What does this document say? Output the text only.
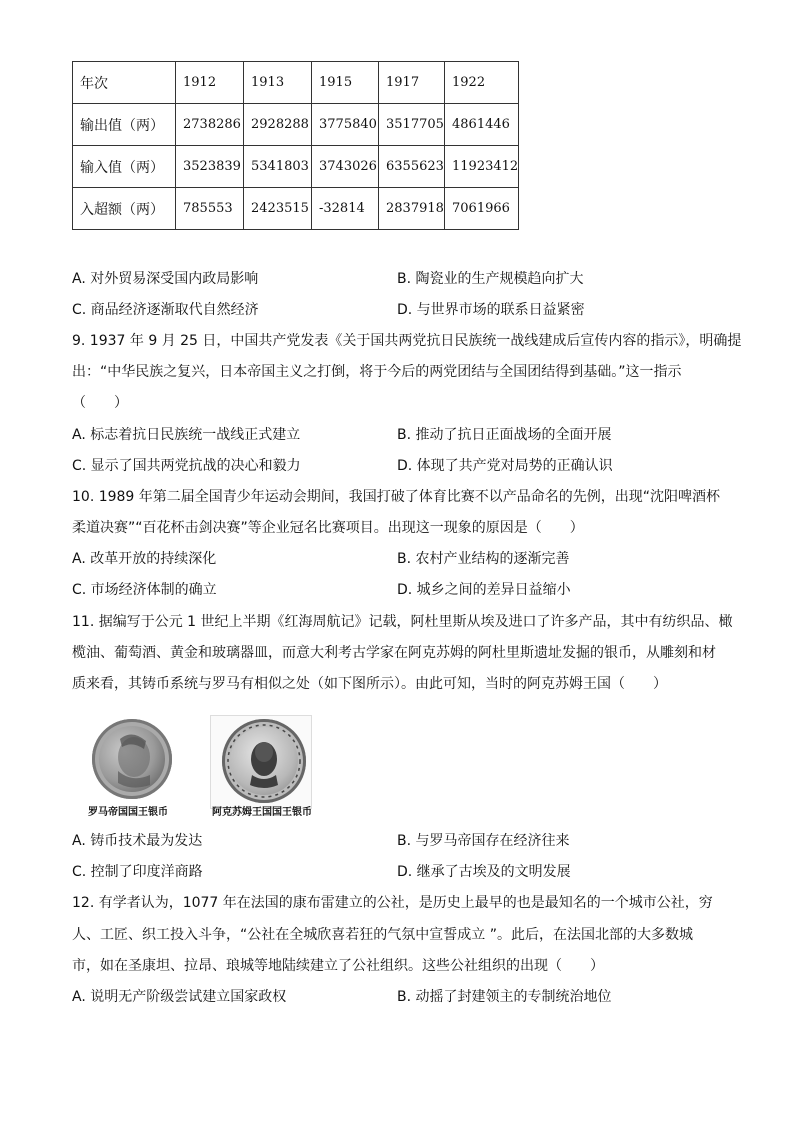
年次	1912	1913	1915	1917	1922
输出值（两）	2738286	2928288	3775840	3517705	4861446
输入值（两）	3523839	5341803	3743026	6355623	11923412
入超额（两）	785553	2423515	-32814	2837918	7061966
A. 对外贸易深受国内政局影响	B. 陶瓷业的生产规模趋向扩大
C. 商品经济逐渐取代自然经济	D. 与世界市场的联系日益紧密
9. 1937 年 9 月 25 日，中国共产党发表《关于国共两党抗日民族统一战线建成后宣传内容的指示》，明确提
出：“中华民族之复兴，日本帝国主义之打倒，将于今后的两党团结与全国团结得到基础。”这一指示
（　　）
A. 标志着抗日民族统一战线正式建立	B. 推动了抗日正面战场的全面开展
C. 显示了国共两党抗战的决心和毅力	D. 体现了共产党对局势的正确认识
10. 1989 年第二届全国青少年运动会期间，我国打破了体育比赛不以产品命名的先例，出现“沈阳啤酒杯
柔道决赛”“百花杯击剑决赛”等企业冠名比赛项目。出现这一现象的原因是（　　）
A. 改革开放的持续深化	B. 农村产业结构的逐渐完善
C. 市场经济体制的确立	D. 城乡之间的差异日益缩小
11. 据编写于公元 1 世纪上半期《红海周航记》记载，阿杜里斯从埃及进口了许多产品，其中有纺织品、橄
榄油、葡萄酒、黄金和玻璃器皿，而意大利考古学家在阿克苏姆的阿杜里斯遗址发掘的银币，从雕刻和材
质来看，其铸币系统与罗马有相似之处（如下图所示）。由此可知，当时的阿克苏姆王国（　　）
罗马帝国国王银币	阿克苏姆王国国王银币
A. 铸币技术最为发达	B. 与罗马帝国存在经济往来
C. 控制了印度洋商路	D. 继承了古埃及的文明发展
12. 有学者认为，1077 年在法国的康布雷建立的公社，是历史上最早的也是最知名的一个城市公社，穷
人、工匠、织工投入斗争，“公社在全城欣喜若狂的气氛中宣誓成立 ”。此后，在法国北部的大多数城
市，如在圣康坦、拉昂、琅城等地陆续建立了公社组织。这些公社组织的出现（　　）
A. 说明无产阶级尝试建立国家政权	B. 动摇了封建领主的专制统治地位
